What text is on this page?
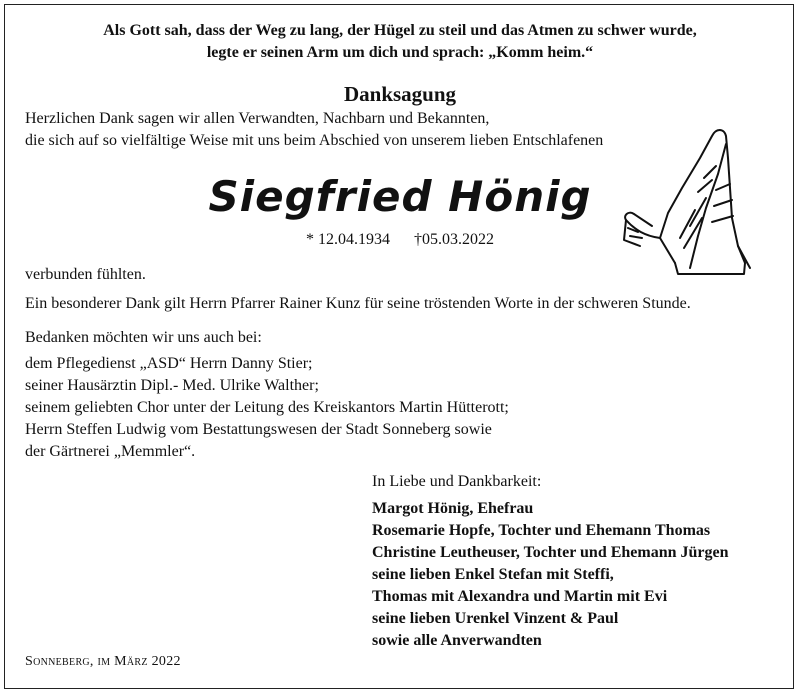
Als Gott sah, dass der Weg zu lang, der Hügel zu steil und das Atmen zu schwer wurde,

legte er seinen Arm um dich und sprach: „Komm heim.“

Danksagung

Herzlichen Dank sagen wir allen Verwandten, Nachbarn und Bekannten,

die sich auf so vielfältige Weise mit uns beim Abschied von unserem lieben Entschlafenen

Siegfried Hönig
* 12.04.1934 †05.03.2022

verbunden fühlten.

Ein besonderer Dank gilt Herrn Pfarrer Rainer Kunz für seine tröstenden Worte in der schweren Stunde.

Bedanken möchten wir uns auch bei:

dem Pflegedienst „ASD“ Herrn Danny Stier;

seiner Hausärztin Dipl.- Med. Ulrike Walther;

seinem geliebten Chor unter der Leitung des Kreiskantors Martin Hütterott;

Herrn Steffen Ludwig vom Bestattungswesen der Stadt Sonneberg sowie

der Gärtnerei „Memmler“.

In Liebe und Dankbarkeit:

Margot Hönig, Ehefrau

Rosemarie Hopfe, Tochter und Ehemann Thomas

Christine Leutheuser, Tochter und Ehemann Jürgen

seine lieben Enkel Stefan mit Steffi,

Thomas mit Alexandra und Martin mit Evi

seine lieben Urenkel Vinzent & Paul

sowie alle Anverwandten

Sonneberg, im März 2022
